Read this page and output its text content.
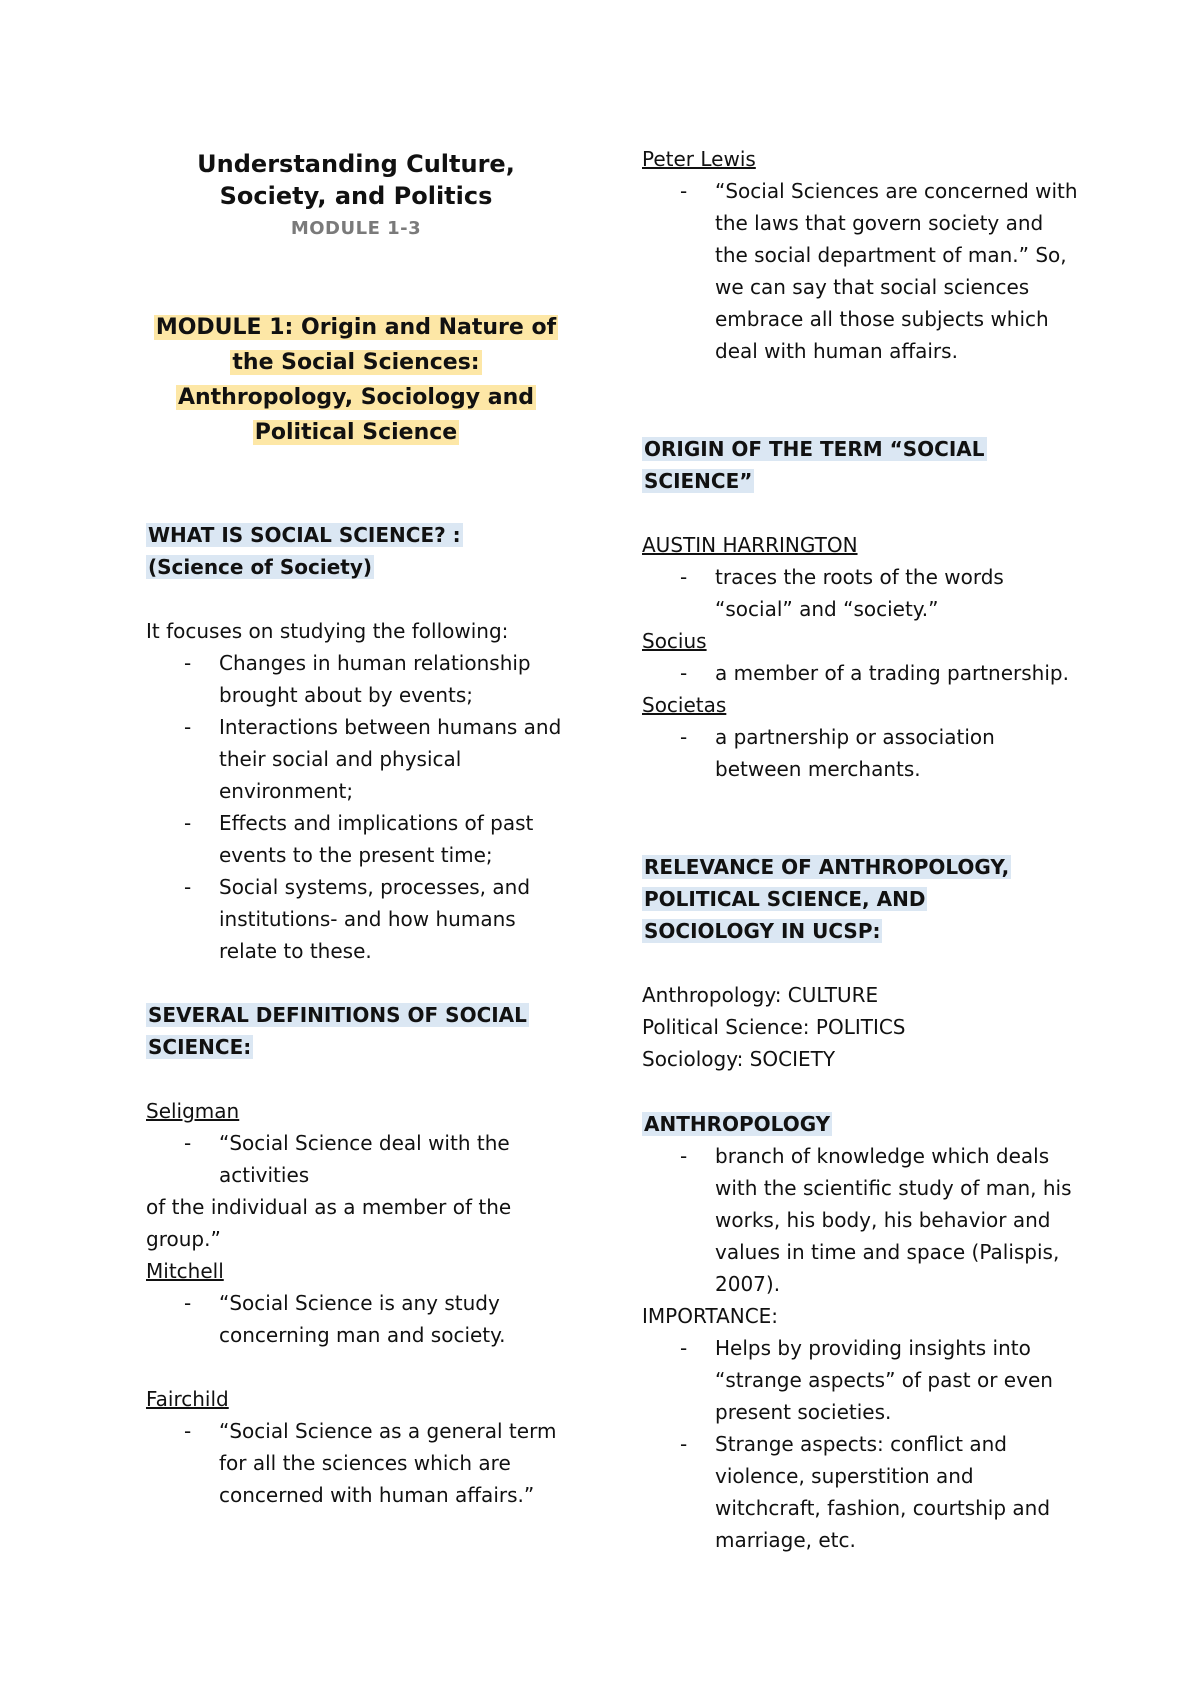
Understanding Culture,
Society, and Politics
MODULE 1-3
MODULE 1: Origin and Nature of
the Social Sciences:
Anthropology, Sociology and
Political Science
WHAT IS SOCIAL SCIENCE? :
(Science of Society)
It focuses on studying the following:
- Changes in human relationship brought about by events;
- Interactions between humans and their social and physical environment;
- Effects and implications of past events to the present time;
- Social systems, processes, and institutions- and how humans relate to these.
SEVERAL DEFINITIONS OF SOCIAL
SCIENCE:
Seligman
- “Social Science deal with the activities
of the individual as a member of the group.”
Mitchell
- “Social Science is any study concerning man and society.
Fairchild
- “Social Science as a general term for all the sciences which are concerned with human affairs.”
Peter Lewis
- “Social Sciences are concerned with the laws that govern society and the social department of man.” So, we can say that social sciences embrace all those subjects which deal with human affairs.
ORIGIN OF THE TERM “SOCIAL
SCIENCE”
AUSTIN HARRINGTON
- traces the roots of the words “social” and “society.”
Socius
- a member of a trading partnership.
Societas
- a partnership or association between merchants.
RELEVANCE OF ANTHROPOLOGY,
POLITICAL SCIENCE, AND
SOCIOLOGY IN UCSP:
Anthropology: CULTURE
Political Science: POLITICS
Sociology: SOCIETY
ANTHROPOLOGY
- branch of knowledge which deals with the scientific study of man, his works, his body, his behavior and values in time and space (Palispis, 2007).
IMPORTANCE:
- Helps by providing insights into “strange aspects” of past or even present societies.
- Strange aspects: conflict and violence, superstition and witchcraft, fashion, courtship and marriage, etc.
